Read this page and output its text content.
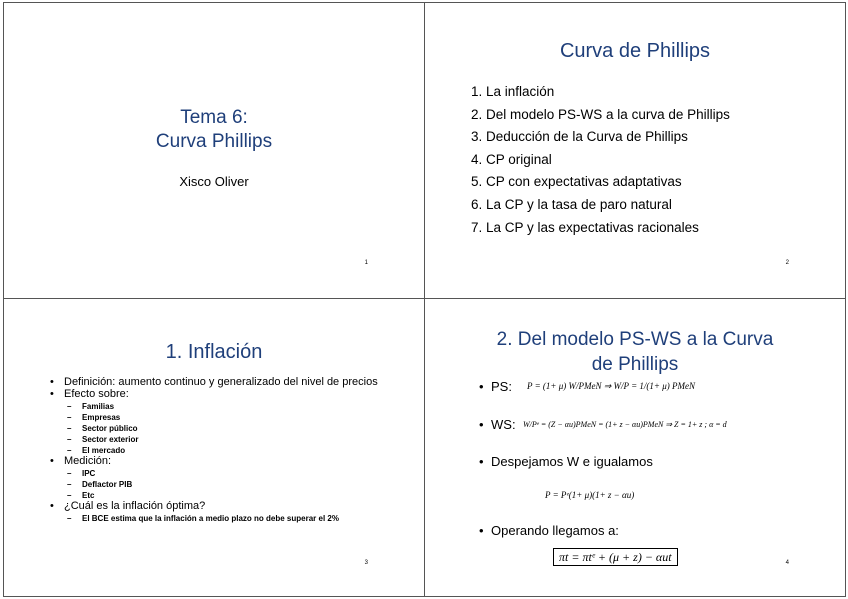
Tema 6:
Curva Phillips
Xisco Oliver
1
Curva de Phillips
1. La inflación
2. Del modelo PS-WS a la curva de Phillips
3. Deducción de la Curva de Phillips
4. CP original
5. CP con expectativas adaptativas
6. La CP y la tasa de paro natural
7. La CP y las expectativas racionales
2
1. Inflación
• Definición: aumento continuo y generalizado del nivel de precios
• Efecto sobre:
– Familias
– Empresas
– Sector público
– Sector exterior
– El mercado
• Medición:
– IPC
– Deflactor PIB
– Etc
• ¿Cuál es la inflación óptima?
– El BCE estima que la inflación a medio plazo no debe superar el 2%
3
2. Del modelo PS-WS a la Curva
de Phillips
• PS: P = (1+ μ) W/PMeN ⇒ W/P = 1/(1+ μ) PMeN
• WS: W/Pᵉ = (Z − αu)PMeN = (1+ z − αu)PMeN ⇒ Z = 1+ z ; α = d
• Despejamos W e igualamos
P = Pᵉ(1+ μ)(1+ z − αu)
• Operando llegamos a:
πt = πtᵉ + (μ + z) − αut	4
